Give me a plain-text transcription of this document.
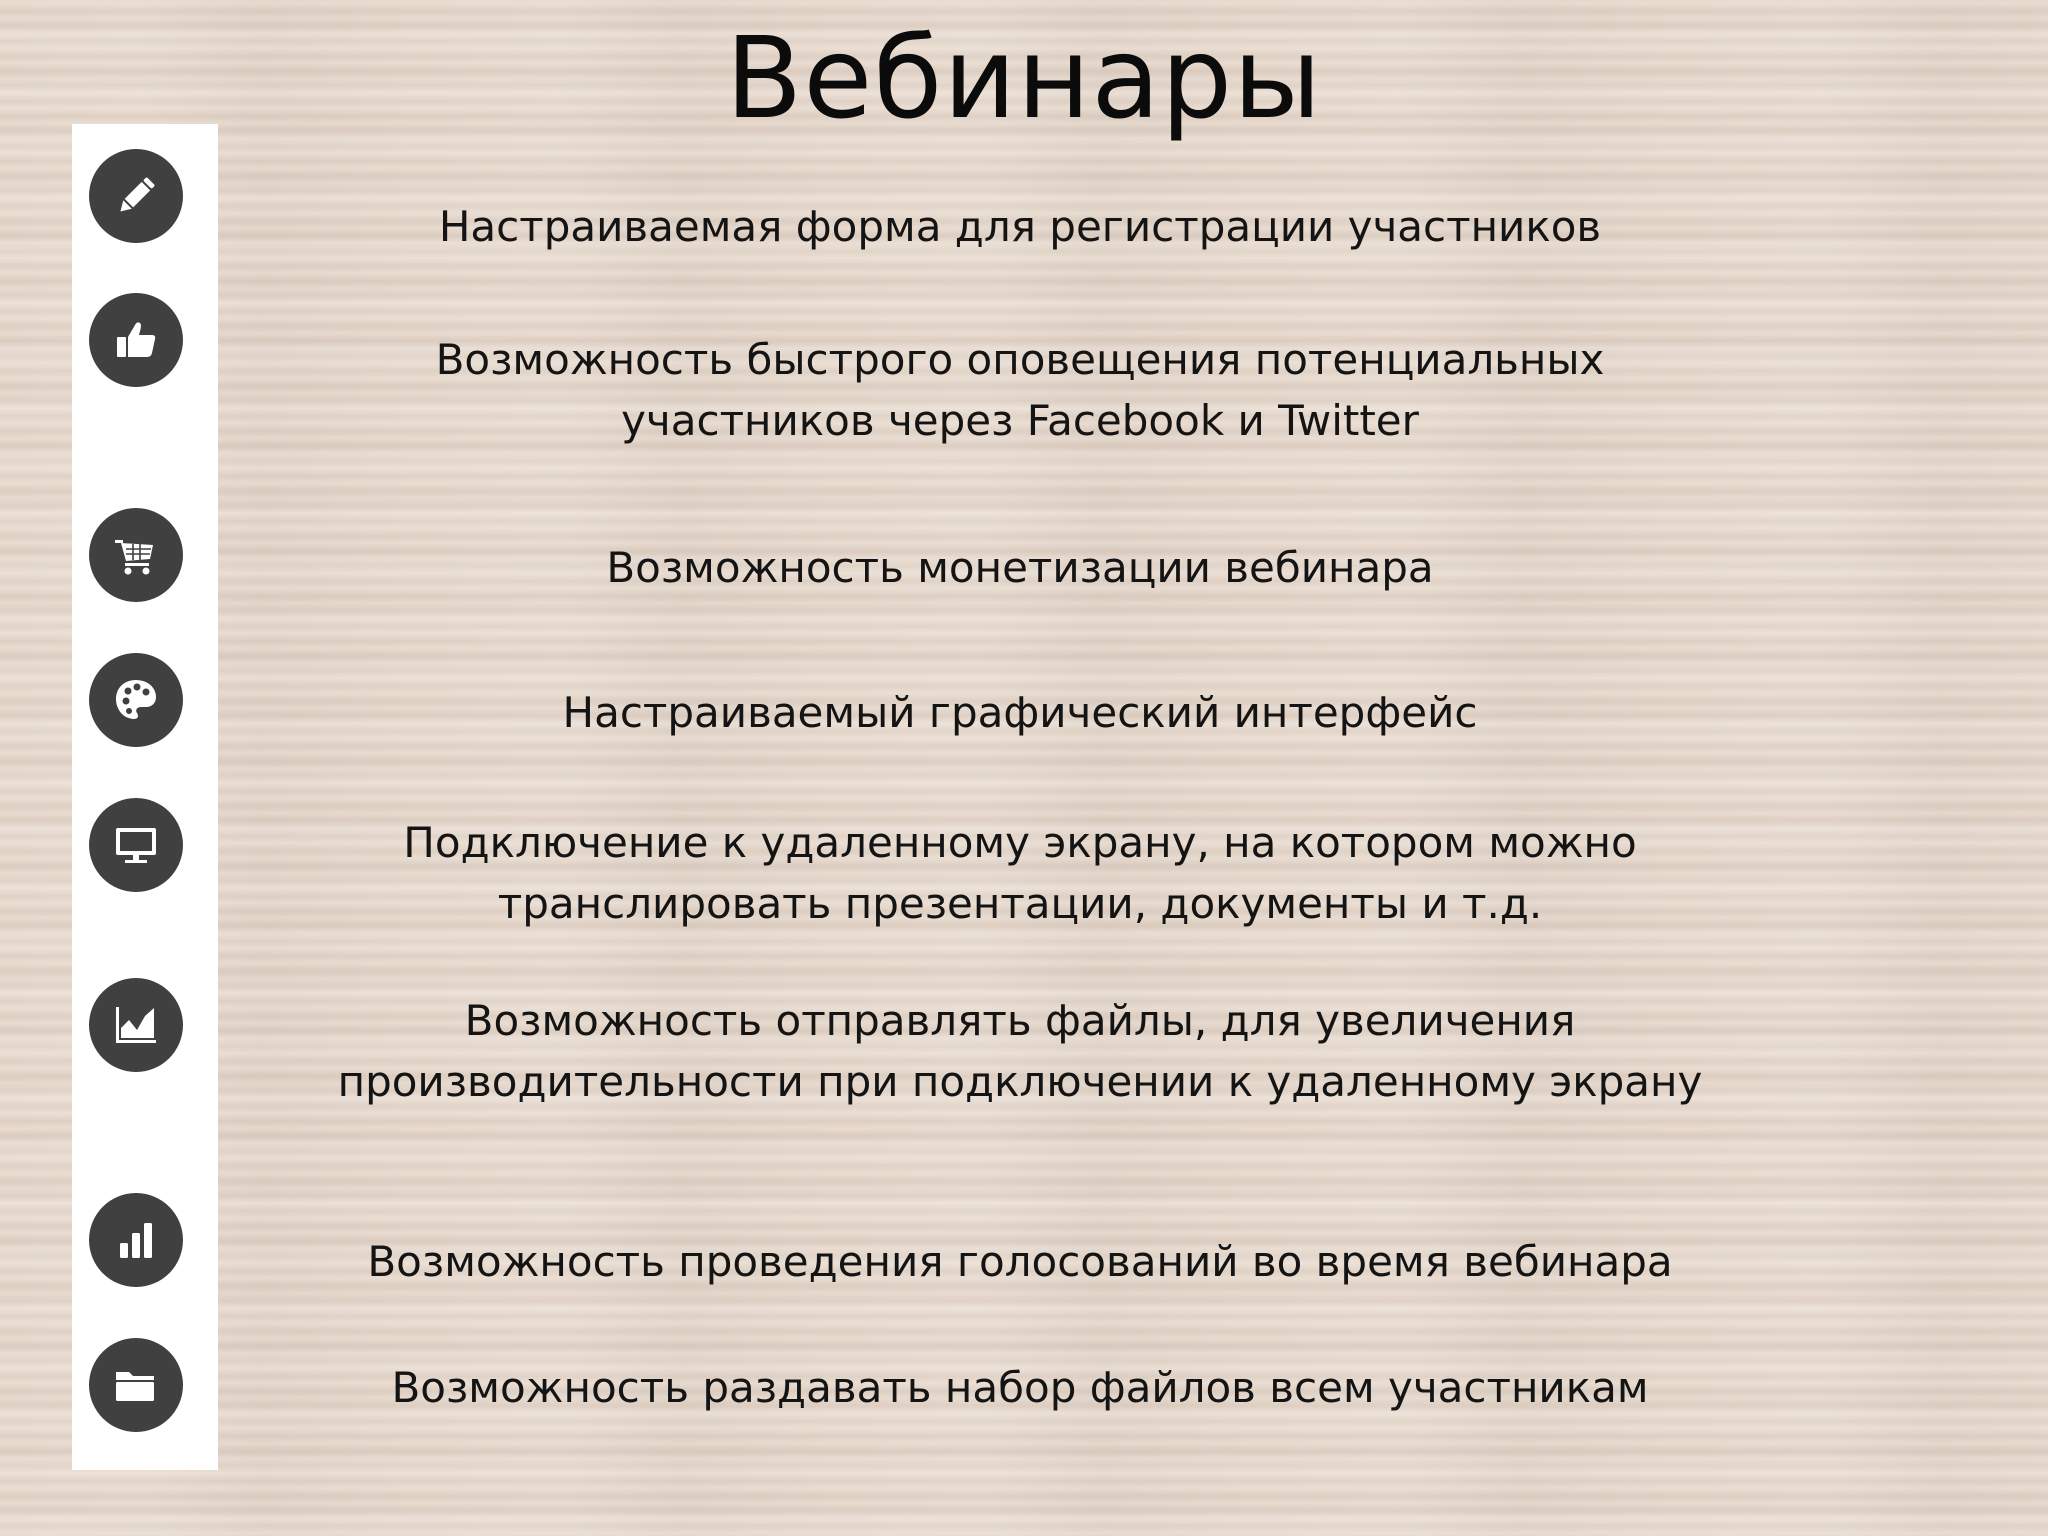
Вебинары
Настраиваемая форма для регистрации участников
Возможность быстрого оповещения потенциальных
участников через Facebook и Twitter
Возможность монетизации вебинара
Настраиваемый графический интерфейс
Подключение к удаленному экрану, на котором можно
транслировать презентации, документы и т.д.
Возможность отправлять файлы, для увеличения
производительности при подключении к удаленному экрану
Возможность проведения голосований во время вебинара
Возможность раздавать набор файлов всем участникам
